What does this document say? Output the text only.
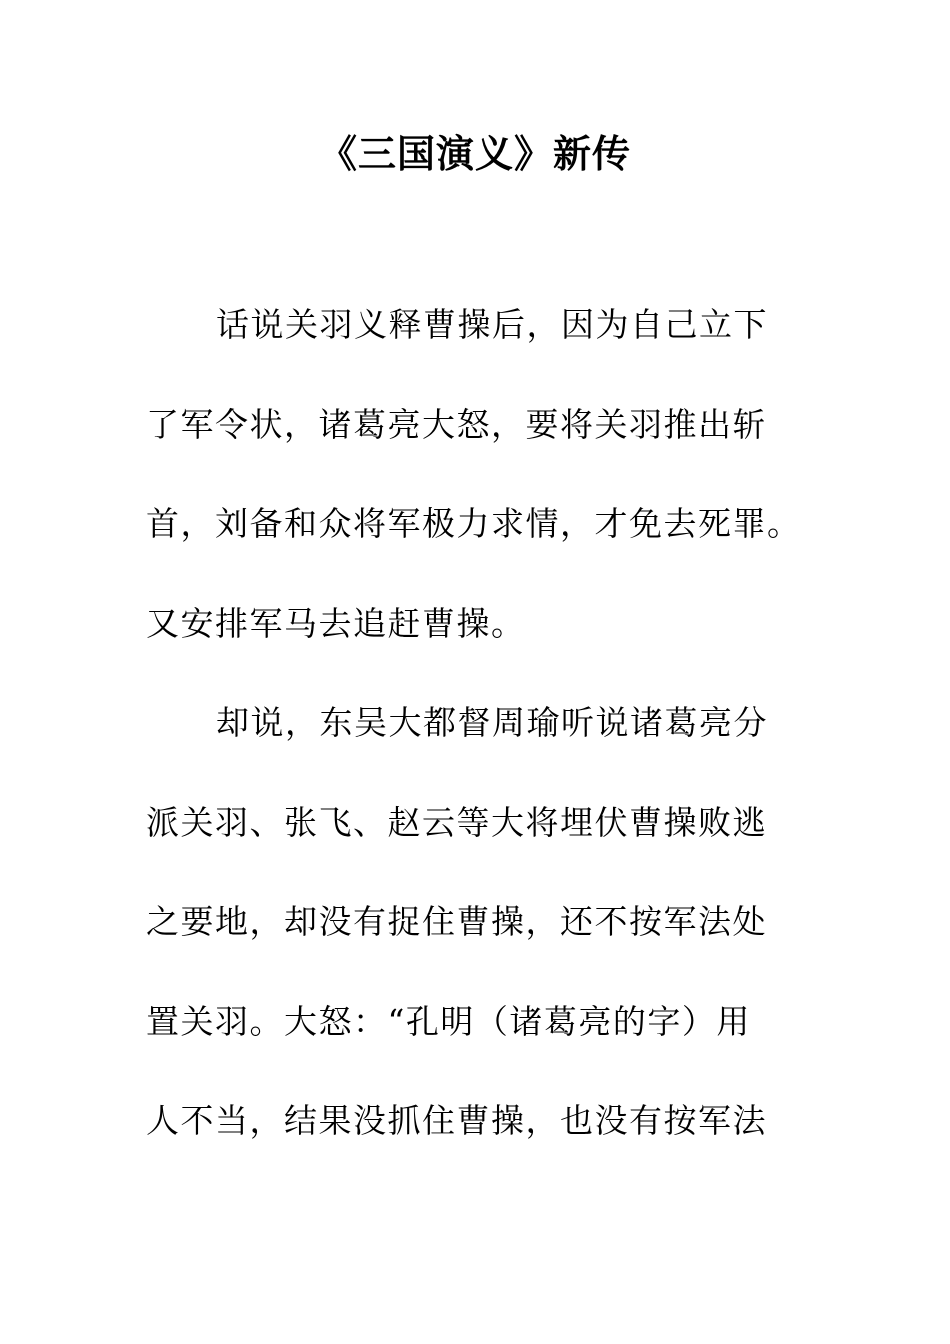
《三国演义》新传
话说关羽义释曹操后，因为自己立下
了军令状，诸葛亮大怒，要将关羽推出斩
首，刘备和众将军极力求情，才免去死罪。
又安排军马去追赶曹操。
却说，东吴大都督周瑜听说诸葛亮分
派关羽、张飞、赵云等大将埋伏曹操败逃
之要地，却没有捉住曹操，还不按军法处
置关羽。大怒：“孔明（诸葛亮的字）用
人不当，结果没抓住曹操，也没有按军法
